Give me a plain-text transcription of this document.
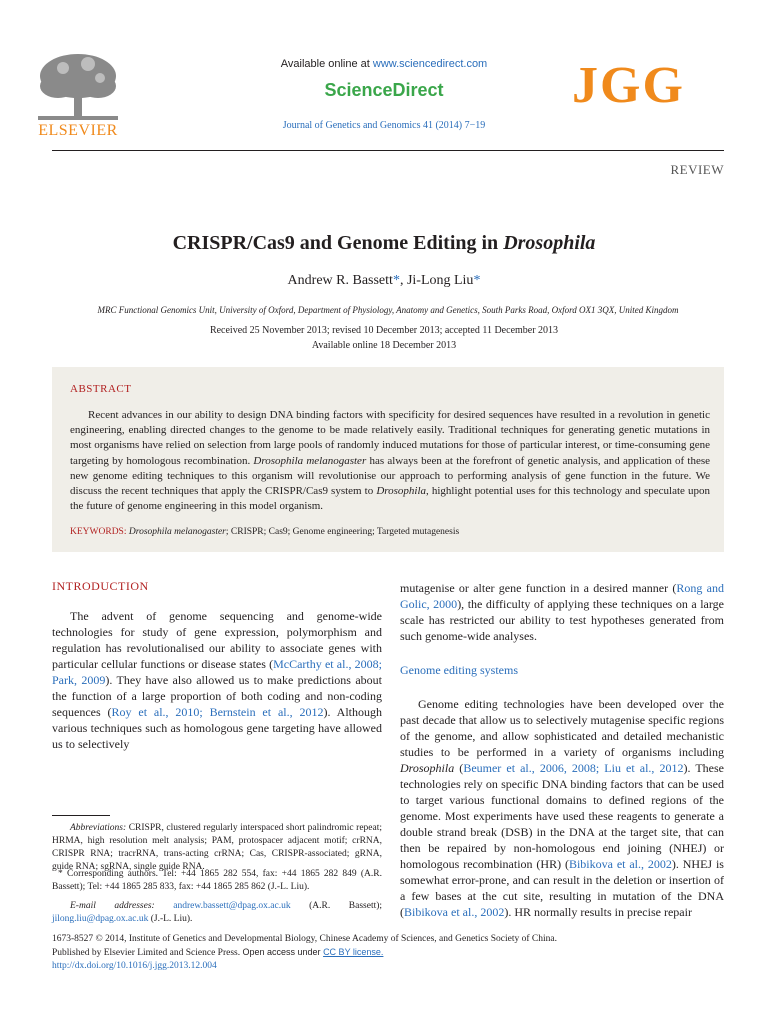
ELSEVIER
Available online at www.sciencedirect.com
ScienceDirect
Journal of Genetics and Genomics 41 (2014) 7−19
JGG
REVIEW
CRISPR/Cas9 and Genome Editing in Drosophila
Andrew R. Bassett*, Ji-Long Liu*
MRC Functional Genomics Unit, University of Oxford, Department of Physiology, Anatomy and Genetics, South Parks Road, Oxford OX1 3QX, United Kingdom
Received 25 November 2013; revised 10 December 2013; accepted 11 December 2013
Available online 18 December 2013
ABSTRACT
Recent advances in our ability to design DNA binding factors with specificity for desired sequences have resulted in a revolution in genetic engineering, enabling directed changes to the genome to be made relatively easily. Traditional techniques for generating genetic mutations in most organisms have relied on selection from large pools of randomly induced mutations for those of particular interest, or time-consuming gene targeting by homologous recombination. Drosophila melanogaster has always been at the forefront of genetic analysis, and application of these new genome editing techniques to this organism will revolutionise our approach to performing analysis of gene function in the future. We discuss the recent techniques that apply the CRISPR/Cas9 system to Drosophila, highlight potential uses for this technology and speculate upon the future of genome engineering in this model organism.
KEYWORDS: Drosophila melanogaster; CRISPR; Cas9; Genome engineering; Targeted mutagenesis
INTRODUCTION
The advent of genome sequencing and genome-wide technologies for study of gene expression, polymorphism and regulation has revolutionalised our ability to associate genes with particular cellular functions or disease states (McCarthy et al., 2008; Park, 2009). They have also allowed us to make predictions about the function of a large proportion of both coding and non-coding sequences (Roy et al., 2010; Bernstein et al., 2012). Although various techniques such as homologous gene targeting have allowed us to selectively
Abbreviations: CRISPR, clustered regularly interspaced short palindromic repeat; HRMA, high resolution melt analysis; PAM, protospacer adjacent motif; crRNA, CRISPR RNA; tracrRNA, trans-acting crRNA; Cas, CRISPR-associated; gRNA, guide RNA; sgRNA, single guide RNA.
* Corresponding authors. Tel: +44 1865 282 554, fax: +44 1865 282 849 (A.R. Bassett); Tel: +44 1865 285 833, fax: +44 1865 285 862 (J.-L. Liu).
E-mail addresses: andrew.bassett@dpag.ox.ac.uk (A.R. Bassett); jilong.liu@dpag.ox.ac.uk (J.-L. Liu).
mutagenise or alter gene function in a desired manner (Rong and Golic, 2000), the difficulty of applying these techniques on a large scale has restricted our ability to test hypotheses generated from such genome-wide analyses.
Genome editing systems
Genome editing technologies have been developed over the past decade that allow us to selectively mutagenise specific regions of the genome, and allow sophisticated and detailed mechanistic studies to be performed in a variety of organisms including Drosophila (Beumer et al., 2006, 2008; Liu et al., 2012). These technologies rely on specific DNA binding factors that can be used to target various functional domains to defined regions of the genome. Most experiments have used these reagents to generate a double strand break (DSB) in the DNA at the target site, that can then be repaired by non-homologous end joining (NHEJ) or homologous recombination (HR) (Bibikova et al., 2002). NHEJ is somewhat error-prone, and can result in the deletion or insertion of a few bases at the cut site, resulting in mutation of the DNA (Bibikova et al., 2002). HR normally results in precise repair
1673-8527 © 2014, Institute of Genetics and Developmental Biology, Chinese Academy of Sciences, and Genetics Society of China.
Published by Elsevier Limited and Science Press. Open access under CC BY license.
http://dx.doi.org/10.1016/j.jgg.2013.12.004
